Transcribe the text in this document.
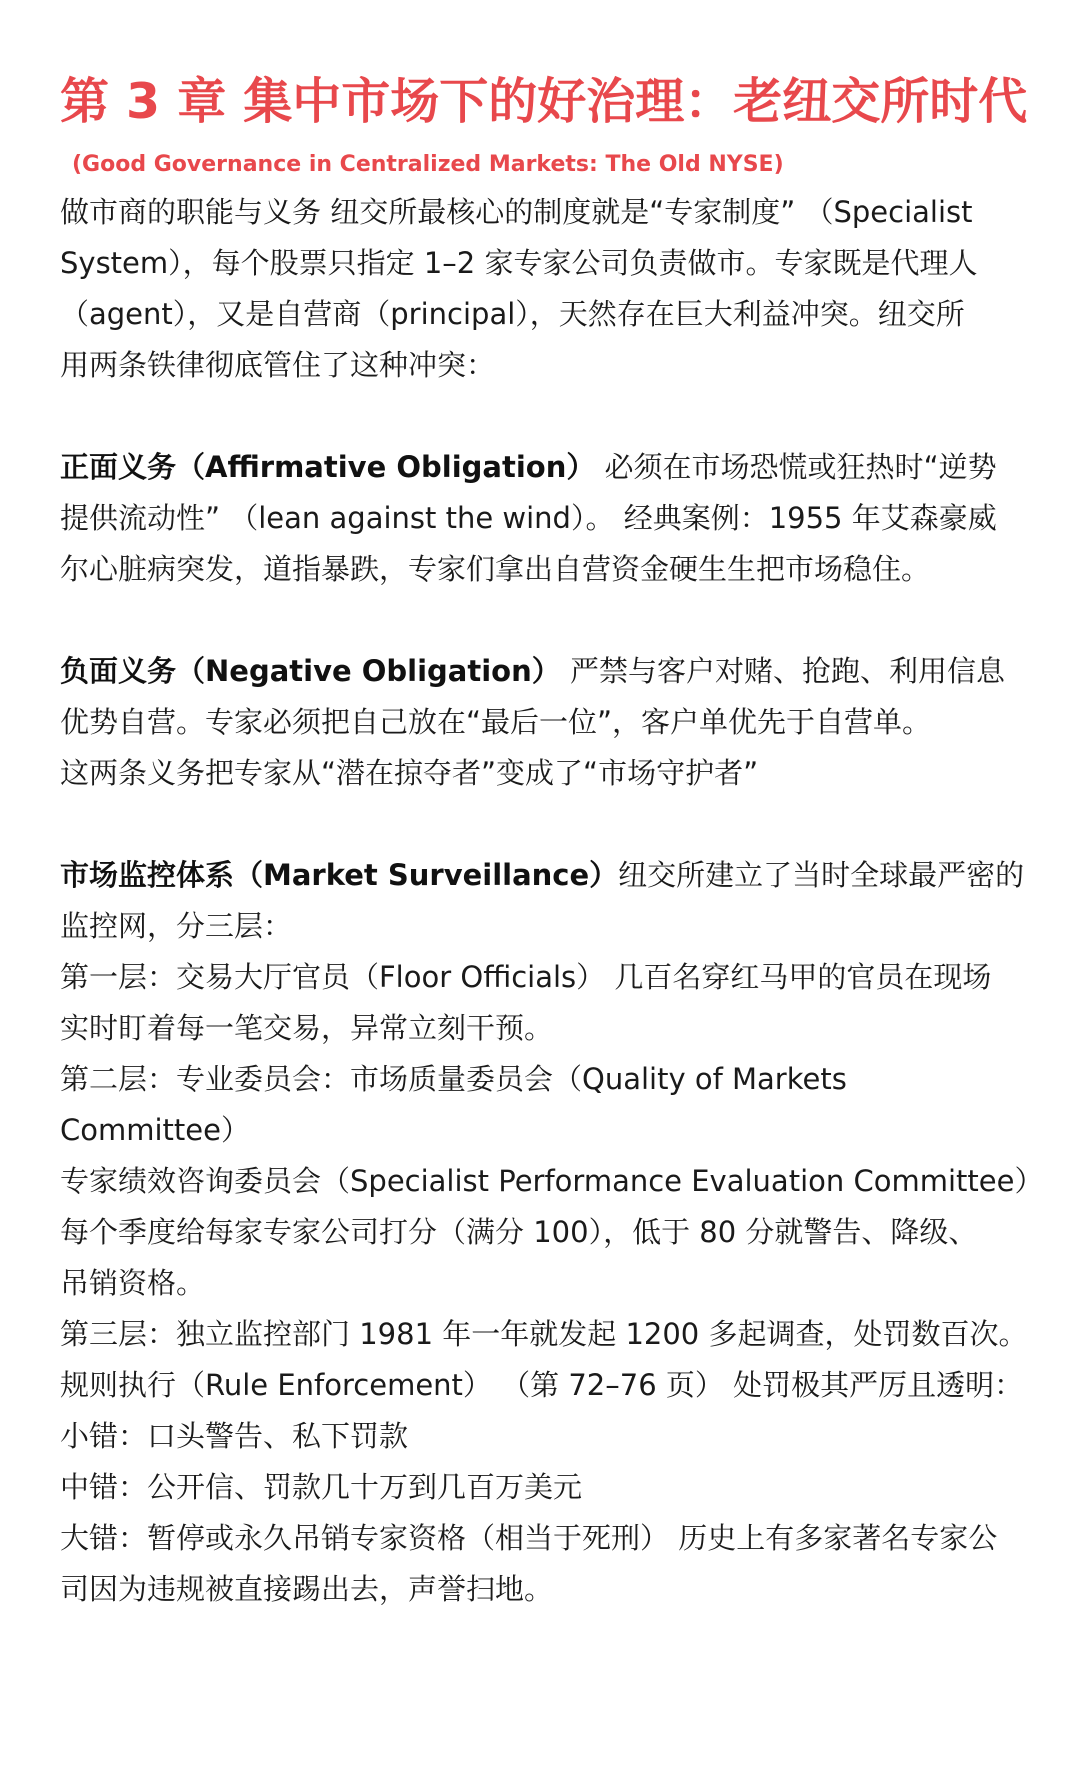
第 3 章 集中市场下的好治理：老纽交所时代
(Good Governance in Centralized Markets: The Old NYSE)
做市商的职能与义务 纽交所最核心的制度就是“专家制度” （Specialist
System），每个股票只指定 1–2 家专家公司负责做市。专家既是代理人
（agent），又是自营商（principal），天然存在巨大利益冲突。纽交所
用两条铁律彻底管住了这种冲突：
正面义务（Affirmative Obligation） 必须在市场恐慌或狂热时“逆势
提供流动性” （lean against the wind）。 经典案例：1955 年艾森豪威
尔心脏病突发，道指暴跌，专家们拿出自营资金硬生生把市场稳住。
负面义务（Negative Obligation） 严禁与客户对赌、抢跑、利用信息
优势自营。专家必须把自己放在“最后一位”，客户单优先于自营单。
这两条义务把专家从“潜在掠夺者”变成了“市场守护者”
市场监控体系（Market Surveillance）纽交所建立了当时全球最严密的
监控网，分三层：
第一层：交易大厅官员（Floor Officials） 几百名穿红马甲的官员在现场
实时盯着每一笔交易，异常立刻干预。
第二层：专业委员会：市场质量委员会（Quality of Markets
Committee）
专家绩效咨询委员会（Specialist Performance Evaluation Committee）
每个季度给每家专家公司打分（满分 100），低于 80 分就警告、降级、
吊销资格。
第三层：独立监控部门 1981 年一年就发起 1200 多起调查，处罚数百次。
规则执行（Rule Enforcement） （第 72–76 页） 处罚极其严厉且透明：
小错：口头警告、私下罚款
中错：公开信、罚款几十万到几百万美元
大错：暂停或永久吊销专家资格（相当于死刑） 历史上有多家著名专家公
司因为违规被直接踢出去，声誉扫地。
